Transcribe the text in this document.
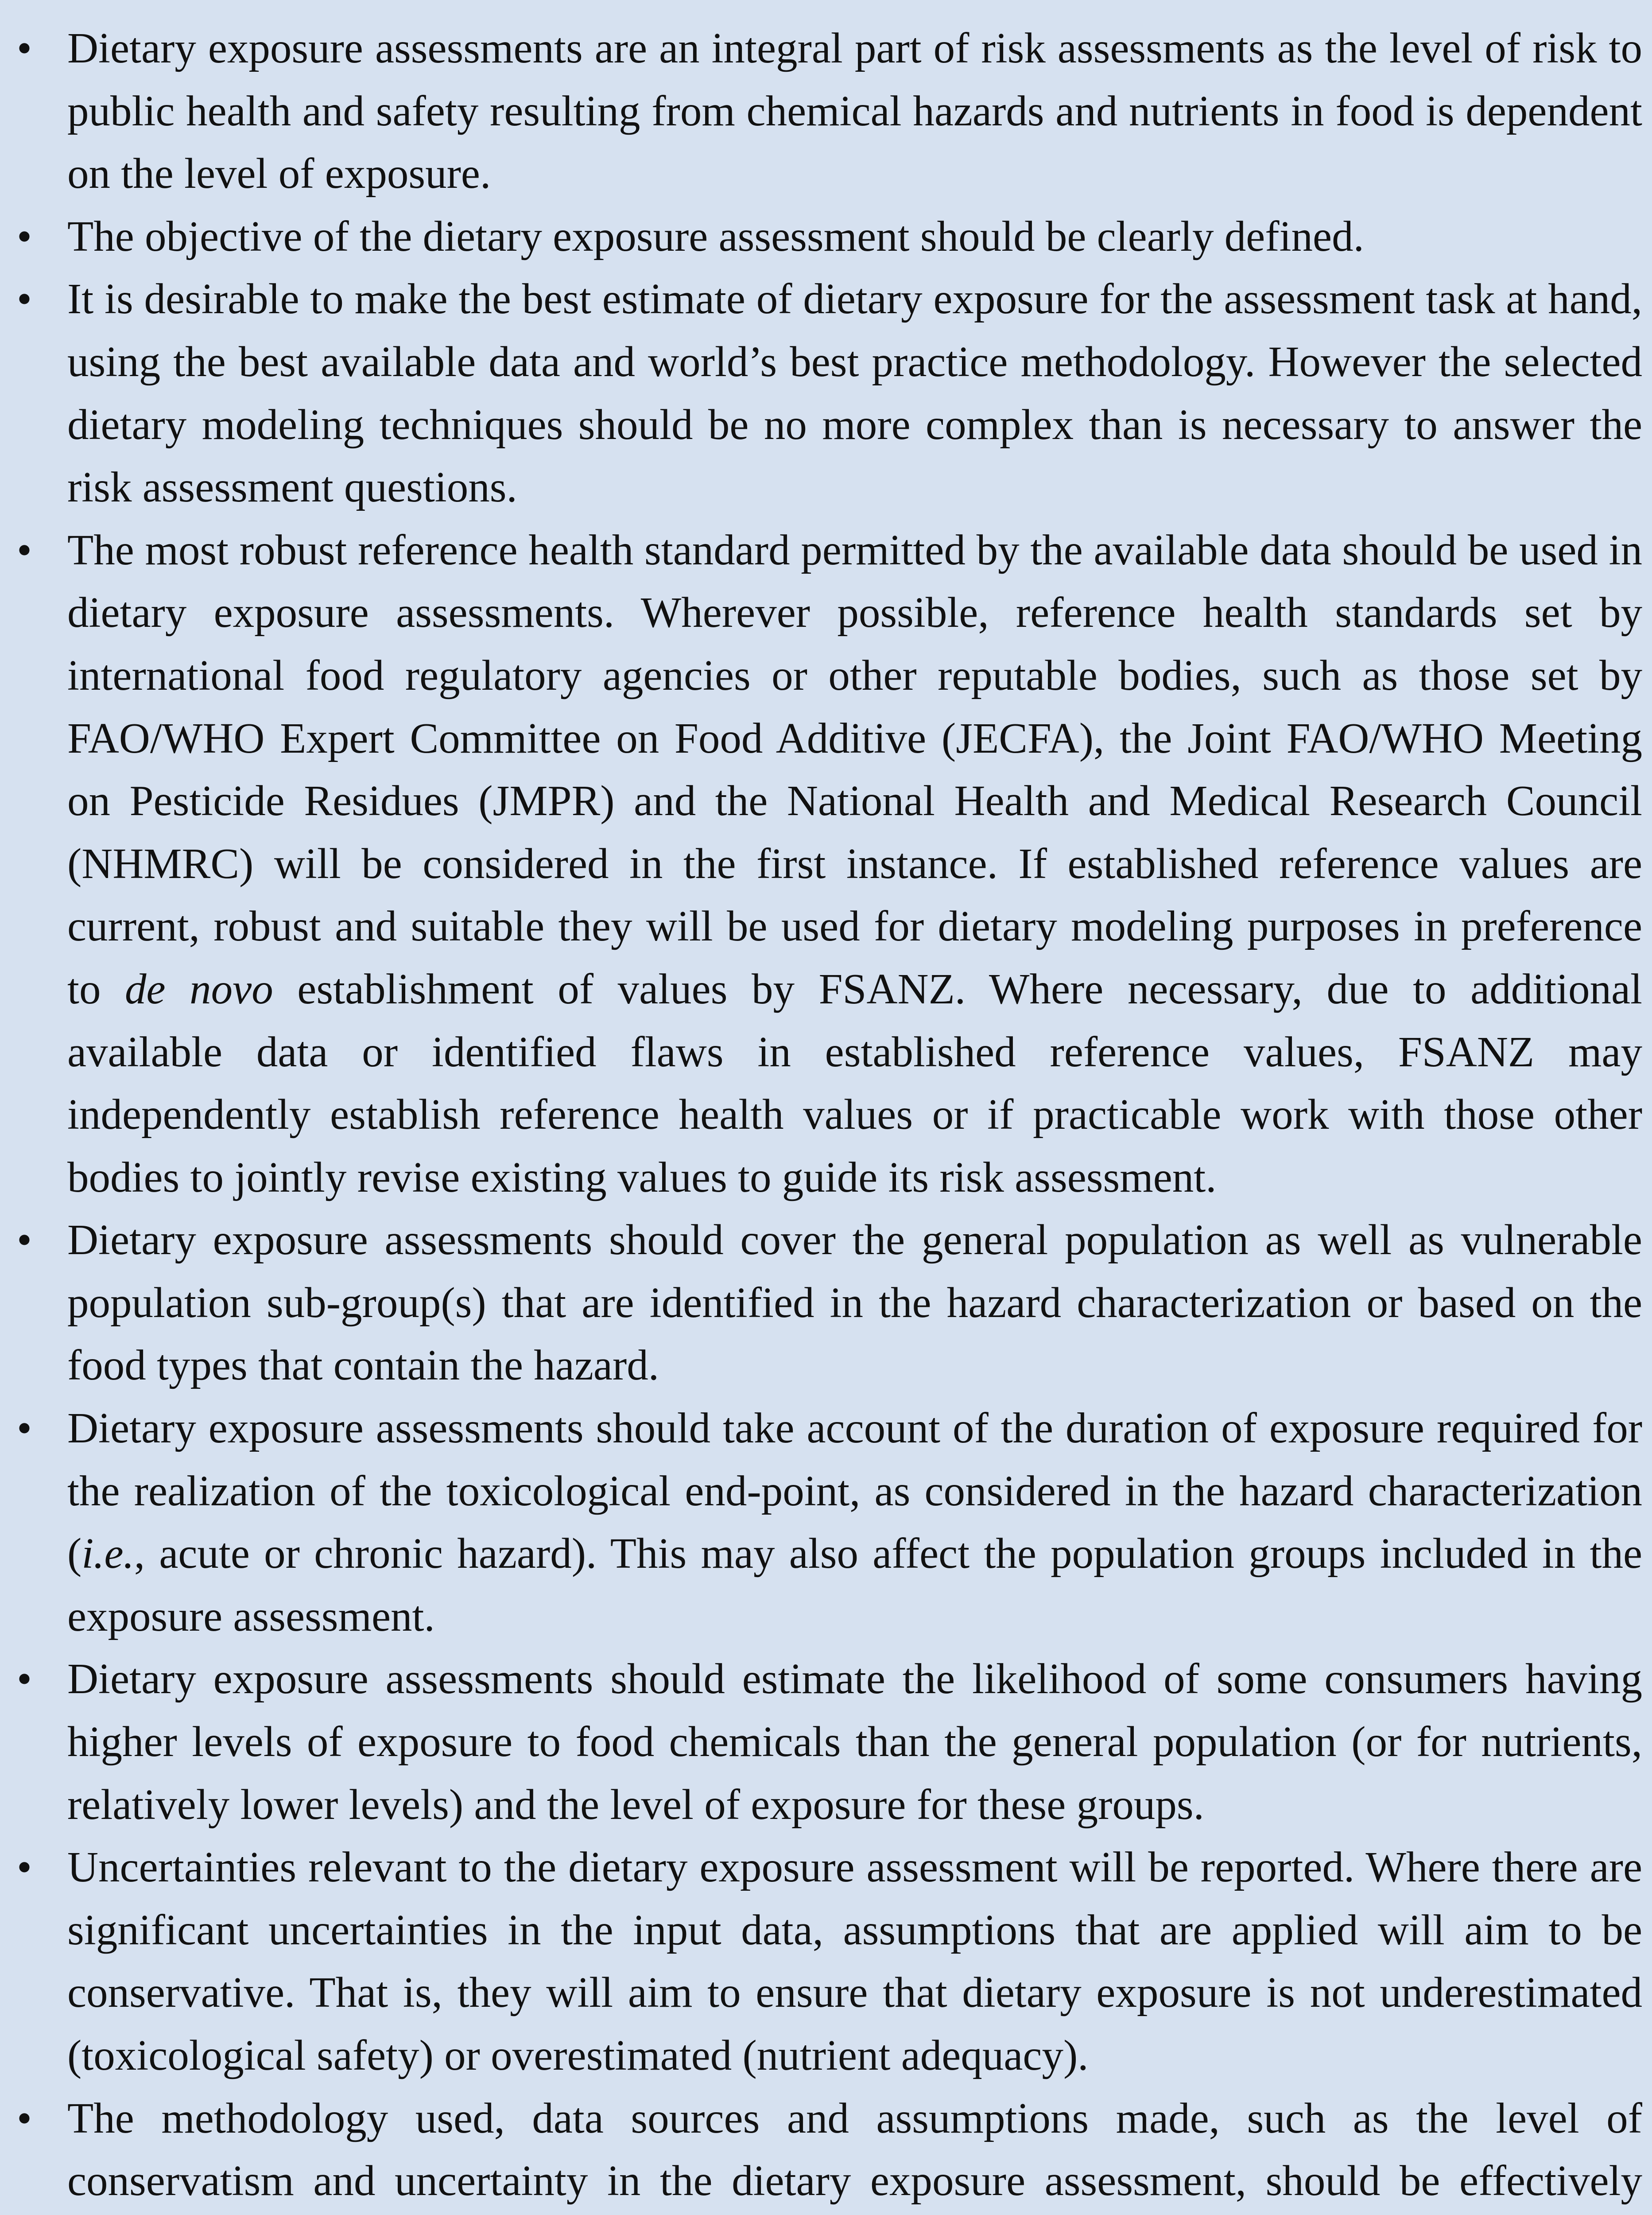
• Dietary exposure assessments are an integral part of risk assessments as the level of risk to public health and safety resulting from chemical hazards and nutrients in food is dependent on the level of exposure.
• The objective of the dietary exposure assessment should be clearly defined.
• It is desirable to make the best estimate of dietary exposure for the assessment task at hand, using the best available data and world’s best practice methodology. However the selected dietary modeling techniques should be no more complex than is necessary to answer the risk assessment questions.
• The most robust reference health standard permitted by the available data should be used in dietary exposure assessments. Wherever possible, reference health standards set by international food regulatory agencies or other reputable bodies, such as those set by FAO/WHO Expert Committee on Food Additive (JECFA), the Joint FAO/WHO Meeting on Pesticide Residues (JMPR) and the National Health and Medical Research Council (NHMRC) will be considered in the first instance. If established reference values are current, robust and suitable they will be used for dietary modeling purposes in preference to de novo establishment of values by FSANZ. Where necessary, due to additional available data or identified flaws in established reference values, FSANZ may independently establish reference health values or if practicable work with those other bodies to jointly revise existing values to guide its risk assessment.
• Dietary exposure assessments should cover the general population as well as vulnerable population sub-group(s) that are identified in the hazard characterization or based on the food types that contain the hazard.
• Dietary exposure assessments should take account of the duration of exposure required for the realization of the toxicological end-point, as considered in the hazard characterization (i.e., acute or chronic hazard). This may also affect the population groups included in the exposure assessment.
• Dietary exposure assessments should estimate the likelihood of some consumers having higher levels of exposure to food chemicals than the general population (or for nutrients, relatively lower levels) and the level of exposure for these groups.
• Uncertainties relevant to the dietary exposure assessment will be reported. Where there are significant uncertainties in the input data, assumptions that are applied will aim to be conservative. That is, they will aim to ensure that dietary exposure is not underestimated (toxicological safety) or overestimated (nutrient adequacy).
• The methodology used, data sources and assumptions made, such as the level of conservatism and uncertainty in the dietary exposure assessment, should be effectively
